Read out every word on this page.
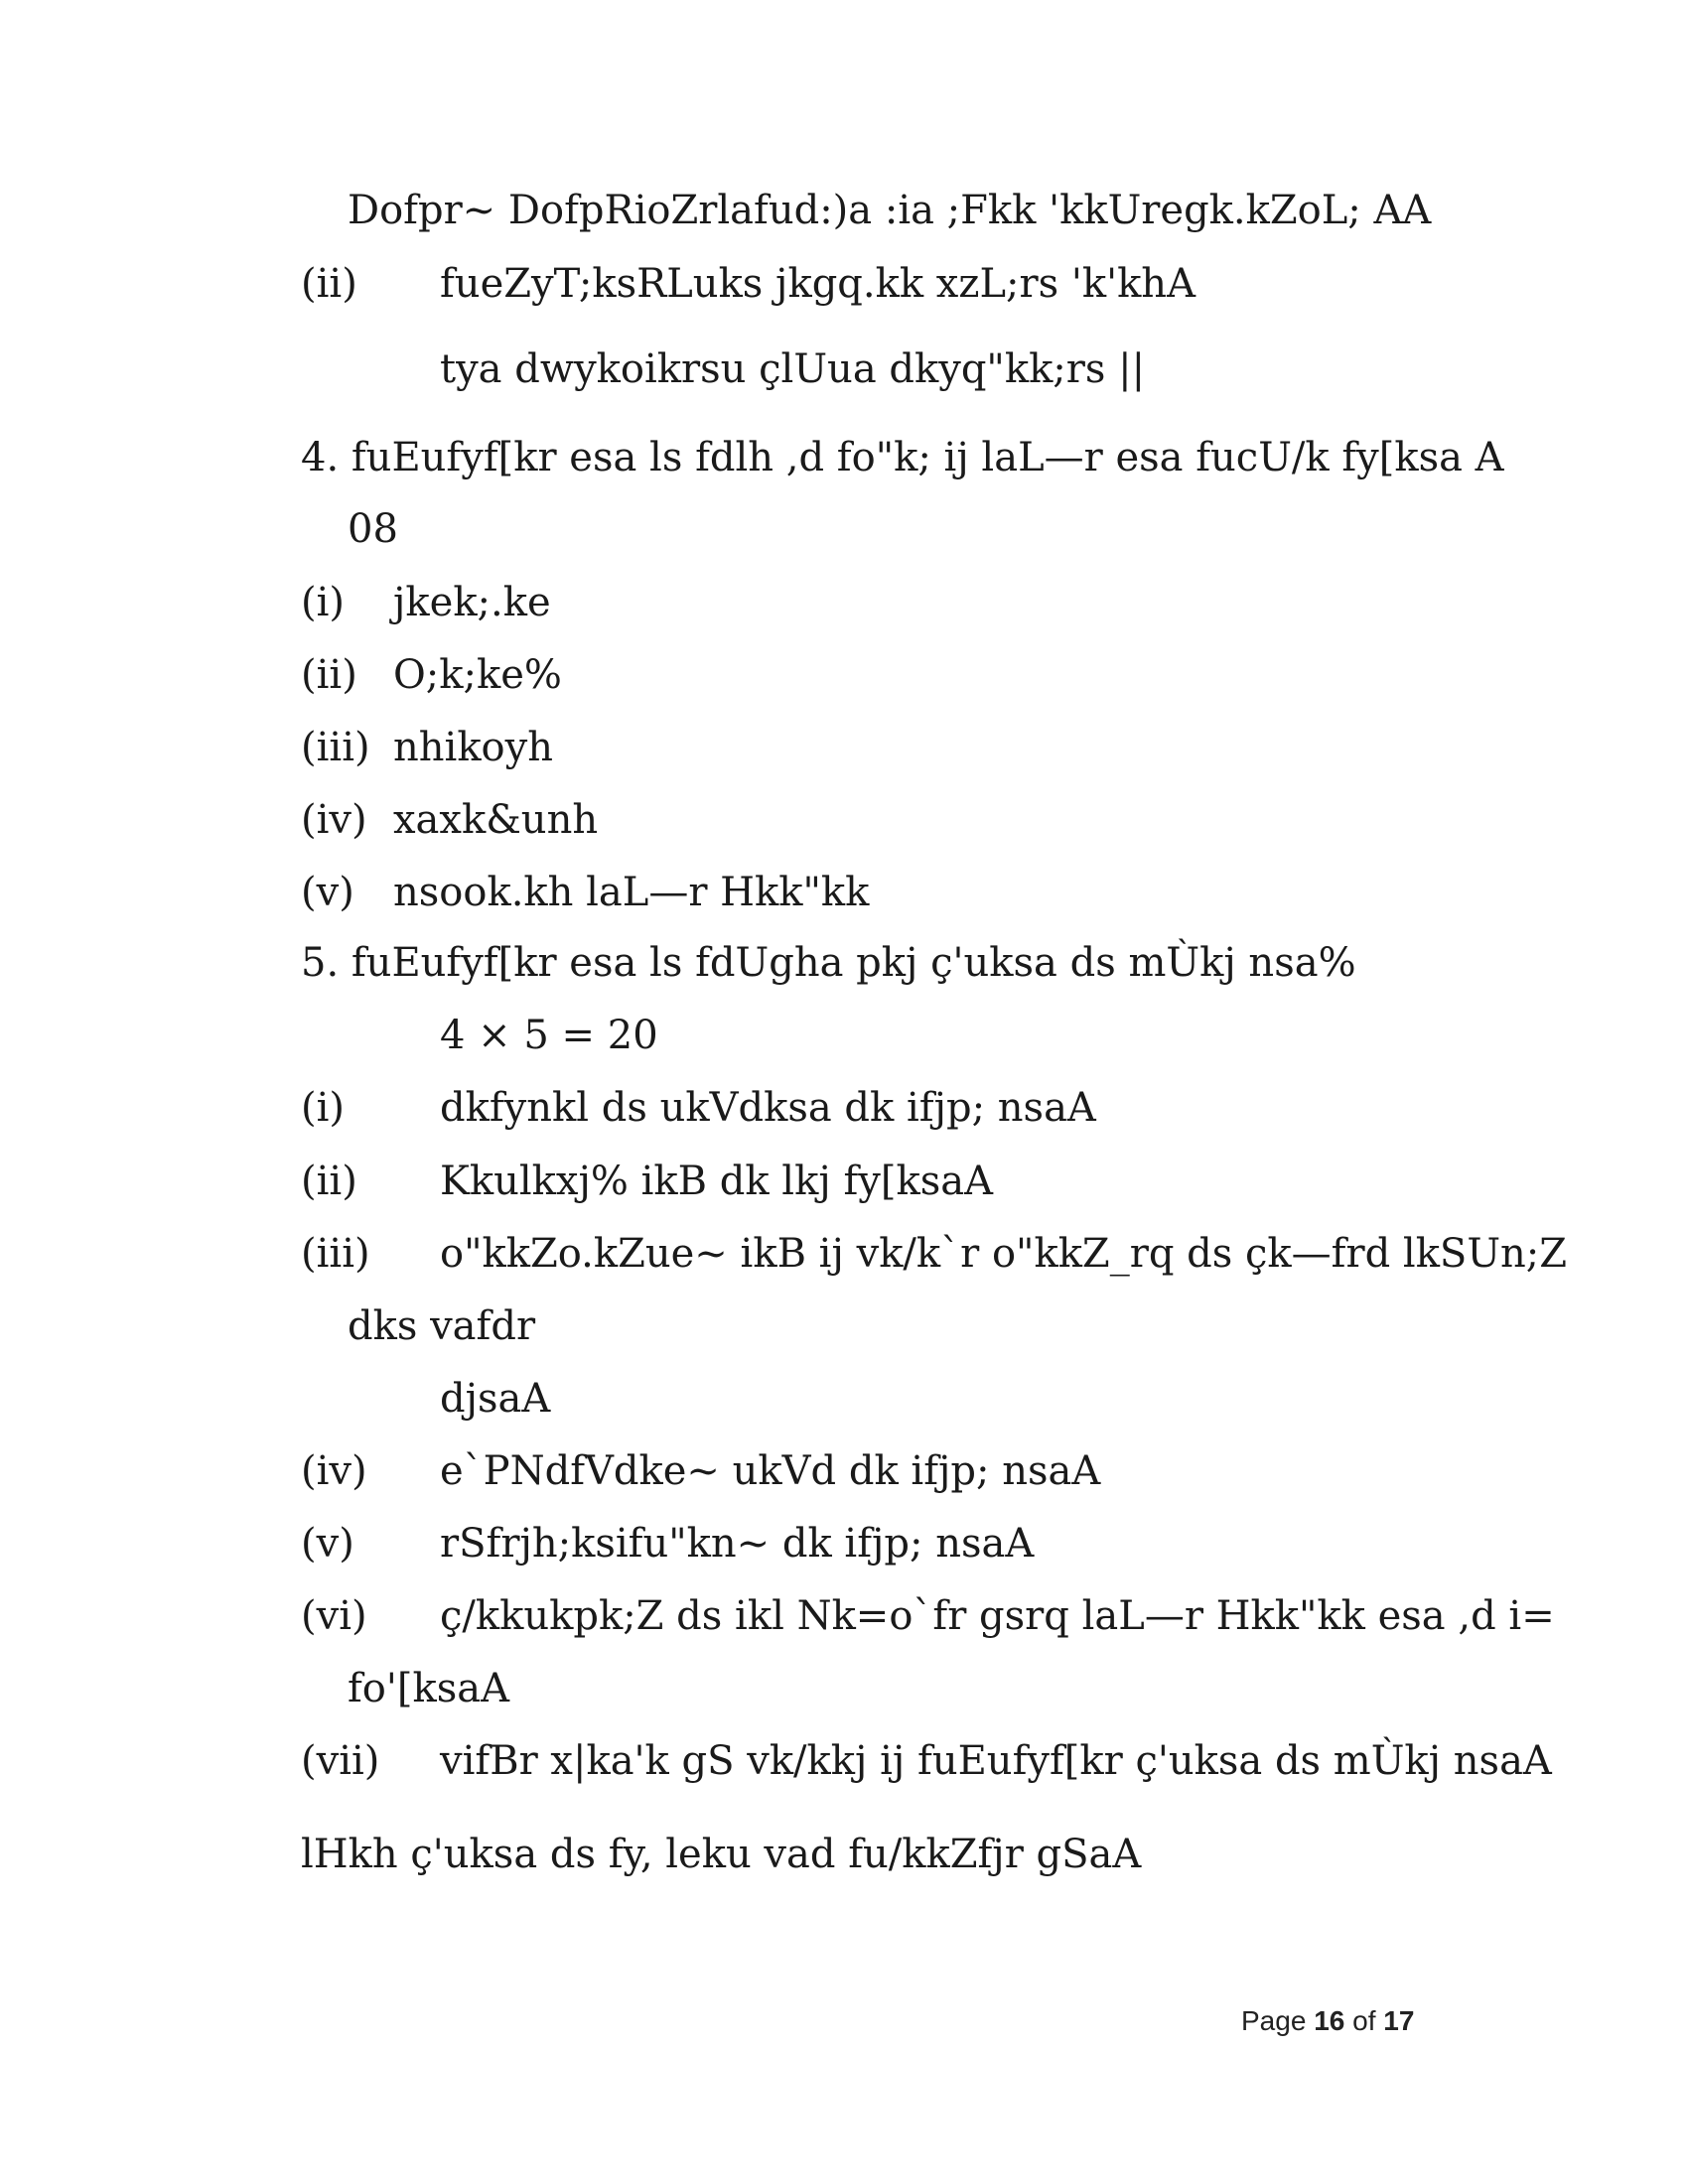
Dofpr~ DofpRioZrlafud:)a :ia ;Fkk 'kkUregk.kZoL; AA
(ii) fueZyT;ksRLuks jkgq.kk xzL;rs 'k'khA
tya dwykoikrsu çlUua dkyq"kk;rs ||
4. fuEufyf[kr esa ls fdlh ,d fo"k; ij laL—r esa fucU/k fy[ksa A
08
(i) jkek;.ke
(ii) O;k;ke%
(iii) nhikoyh
(iv) xaxk&unh
(v) nsook.kh laL—r Hkk"kk
5. fuEufyf[kr esa ls fdUgha pkj ç'uksa ds mÙkj nsa%
4 × 5 = 20
(i) dkfynkl ds ukVdksa dk ifjp; nsaA
(ii) Kkulkxj% ikB dk lkj fy[ksaA
(iii) o"kkZo.kZue~ ikB ij vk/k`r o"kkZ_rq ds çk—frd lkSUn;Z
dks vafdr
djsaA
(iv) e`PNdfVdke~ ukVd dk ifjp; nsaA
(v) rSfrjh;ksifu"kn~ dk ifjp; nsaA
(vi) ç/kkukpk;Z ds ikl Nk=o`fr gsrq laL—r Hkk"kk esa ,d i=
fo'[ksaA
(vii) vifBr x|ka'k gS vk/kkj ij fuEufyf[kr ç'uksa ds mÙkj nsaA
lHkh ç'uksa ds fy, leku vad fu/kkZfjr gSaA
Page 16 of 17
